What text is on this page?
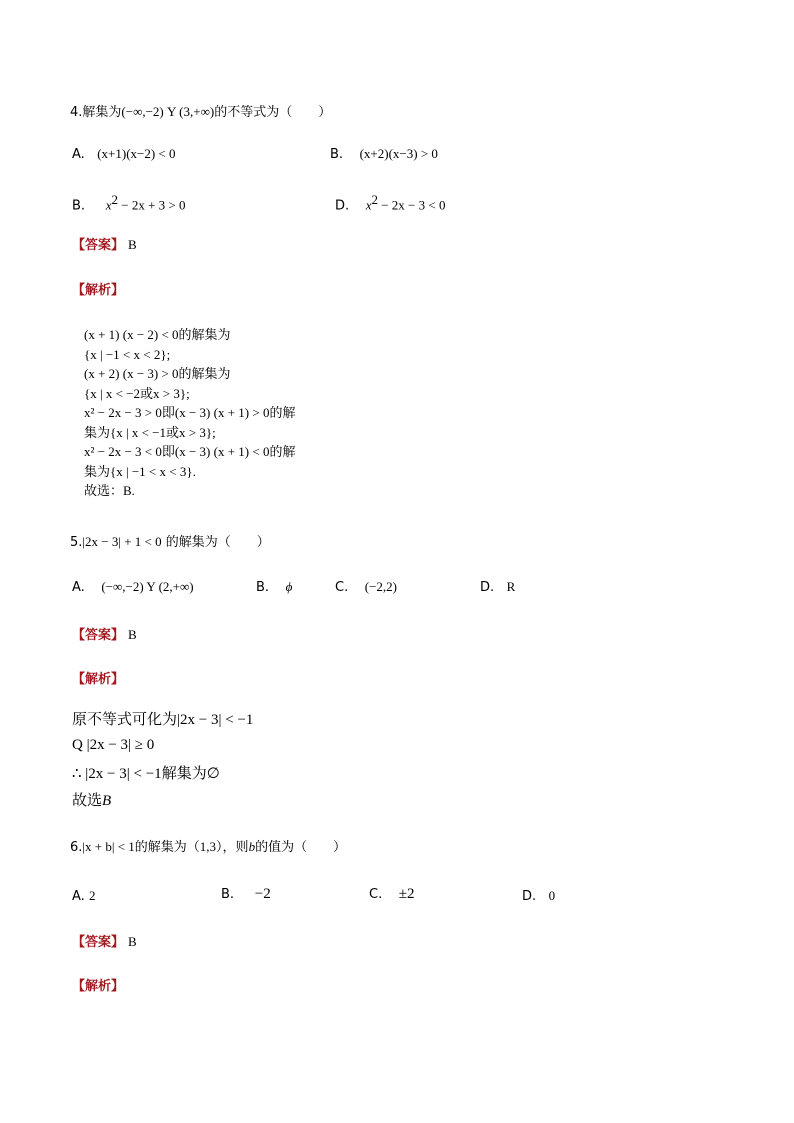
4.解集为(−∞,−2) Y (3,+∞)的不等式为（　　）
A. (x+1)(x−2) < 0	B. (x+2)(x−3) > 0
B. $x^2 - 2x + 3 > 0$	D. $x^2 - 2x - 3 < 0$
【答案】 B
【解析】
(x + 1) (x − 2) < 0的解集为
{x | −1 < x < 2};
(x + 2) (x − 3) > 0的解集为
{x | x < −2或x > 3};
x² − 2x − 3 > 0即(x − 3) (x + 1) > 0的解
集为{x | x < −1或x > 3};
x² − 2x − 3 < 0即(x − 3) (x + 1) < 0的解
集为{x | −1 < x < 3}.
故选：B.
5.|2x − 3| + 1 < 0 的解集为（　　）
A. (−∞,−2) Y (2,+∞)	B. ϕ	C. (−2,2)	D. R
【答案】 B
【解析】
原不等式可化为|2x − 3| < −1
Q |2x − 3| ≥ 0
∴ |2x − 3| < −1解集为∅
故选B
6.|x + b| < 1的解集为（1,3），则b的值为（　　）
A. 2	B. −2	C. ±2	D. 0
【答案】 B
【解析】
